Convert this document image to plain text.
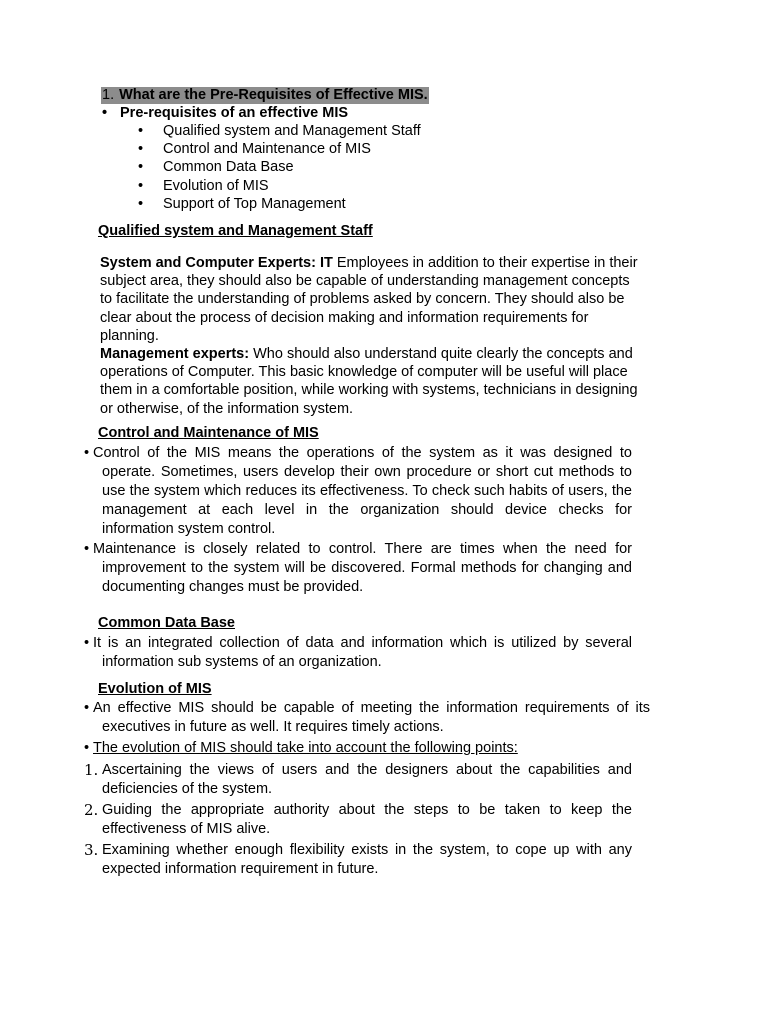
1. What are the Pre-Requisites of Effective MIS.
• Pre-requisites of an effective MIS
• Qualified system and Management Staff
• Control and Maintenance of MIS
• Common Data Base
• Evolution of MIS
• Support of Top Management
Qualified system and Management Staff
System and Computer Experts: IT Employees in addition to their expertise in their subject area, they should also be capable of understanding management concepts to facilitate the understanding of problems asked by concern. They should also be clear about the process of decision making and information requirements for planning.
Management experts: Who should also understand quite clearly the concepts and operations of Computer. This basic knowledge of computer will be useful will place them in a comfortable position, while working with systems, technicians in designing or otherwise, of the information system.
Control and Maintenance of MIS
• Control of the MIS means the operations of the system as it was designed to operate. Sometimes, users develop their own procedure or short cut methods to use the system which reduces its effectiveness. To check such habits of users, the management at each level in the organization should device checks for information system control.
• Maintenance is closely related to control. There are times when the need for improvement to the system will be discovered. Formal methods for changing and documenting changes must be provided.
Common Data Base
• It is an integrated collection of data and information which is utilized by several information sub systems of an organization.
Evolution of MIS
• An effective MIS should be capable of meeting the information requirements of its executives in future as well. It requires timely actions.
• The evolution of MIS should take into account the following points:
1. Ascertaining the views of users and the designers about the capabilities and deficiencies of the system.
2. Guiding the appropriate authority about the steps to be taken to keep the effectiveness of MIS alive.
3. Examining whether enough flexibility exists in the system, to cope up with any expected information requirement in future.
